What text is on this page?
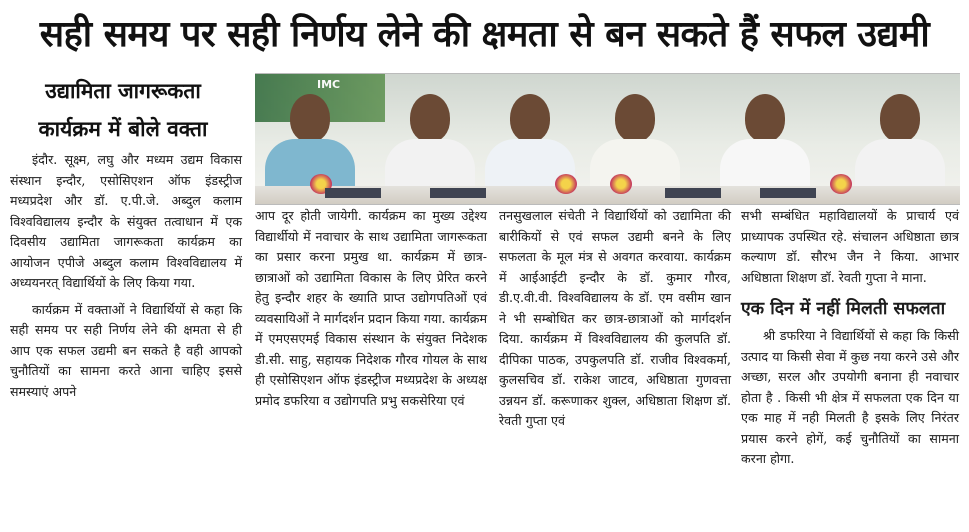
सही समय पर सही निर्णय लेने की क्षमता से बन सकते हैं सफल उद्यमी
उद्यामिता जागरूकता
कार्यक्रम में बोले वक्ता
IMC

इंदौर. सूक्ष्म, लघु और मध्यम उद्यम विकास संस्थान इन्दौर, एसोसिएशन ऑफ इंडस्ट्रीज मध्यप्रदेश और डॉ. ए.पी.जे. अब्दुल कलाम विश्वविद्यालय इन्दौर के संयुक्त तत्वाधान में एक दिवसीय उद्यामिता जागरूकता कार्यक्रम का आयोजन एपीजे अब्दुल कलाम विश्वविद्यालय में अध्ययनरत् विद्यार्थियों के लिए किया गया.

कार्यक्रम में वक्ताओं ने विद्यार्थियों से कहा कि सही समय पर सही निर्णय लेने की क्षमता से ही आप एक सफल उद्यमी बन सकते है वही आपको चुनौतियों का सामना करते आना चाहिए इससे समस्याएं अपने

आप दूर होती जायेगी. कार्यक्रम का मुख्य उद्देश्य विद्यार्थीयो में नवाचार के साथ उद्यामिता जागरूकता का प्रसार करना प्रमुख था. कार्यक्रम में छात्र-छात्राओं को उद्यामिता विकास के लिए प्रेरित करने हेतु इन्दौर शहर के ख्याति प्राप्त उद्योगपतिओं एवं व्यवसायिओं ने मार्गदर्शन प्रदान किया गया. कार्यक्रम में एमएसएमई विकास संस्थान के संयुक्त निदेशक डी.सी. साहु, सहायक निदेशक गौरव गोयल के साथ ही एसोसिएशन ऑफ इंडस्ट्रीज मध्यप्रदेश के अध्यक्ष प्रमोद डफरिया व उद्योगपति प्रभु सकसेरिया एवं

तनसुखलाल संचेती ने विद्यार्थियों को उद्यामिता की बारीकियों से एवं सफल उद्यमी बनने के लिए सफलता के मूल मंत्र से अवगत करवाया. कार्यक्रम में आईआईटी इन्दौर के डॉ. कुमार गौरव, डी.ए.वी.वी. विश्वविद्यालय के डॉ. एम वसीम खान ने भी सम्बोधित कर छात्र-छात्राओं को मार्गदर्शन दिया. कार्यक्रम में विश्वविद्यालय की कुलपति डॉ. दीपिका पाठक, उपकुलपति डॉ. राजीव विश्वकर्मा, कुलसचिव डॉ. राकेश जाटव, अधिष्ठाता गुणवत्ता उन्नयन डॉ. करूणाकर शुक्ल, अधिष्ठाता शिक्षण डॉ. रेवती गुप्ता एवं

सभी सम्बंधित महाविद्यालयों के प्राचार्य एवं प्राध्यापक उपस्थित रहे. संचालन अधिष्ठाता छात्र कल्याण डॉ. सौरभ जैन ने किया. आभार अधिष्ठाता शिक्षण डॉ. रेवती गुप्ता ने माना.

एक दिन में नहीं मिलती सफलता

श्री डफरिया ने विद्यार्थियों से कहा कि किसी उत्पाद या किसी सेवा में कुछ नया करने उसे और अच्छा, सरल और उपयोगी बनाना ही नवाचार होता है . किसी भी क्षेत्र में सफलता एक दिन या एक माह में नही मिलती है इसके लिए निरंतर प्रयास करने होगें, कई चुनौतियों का सामना करना होगा.
